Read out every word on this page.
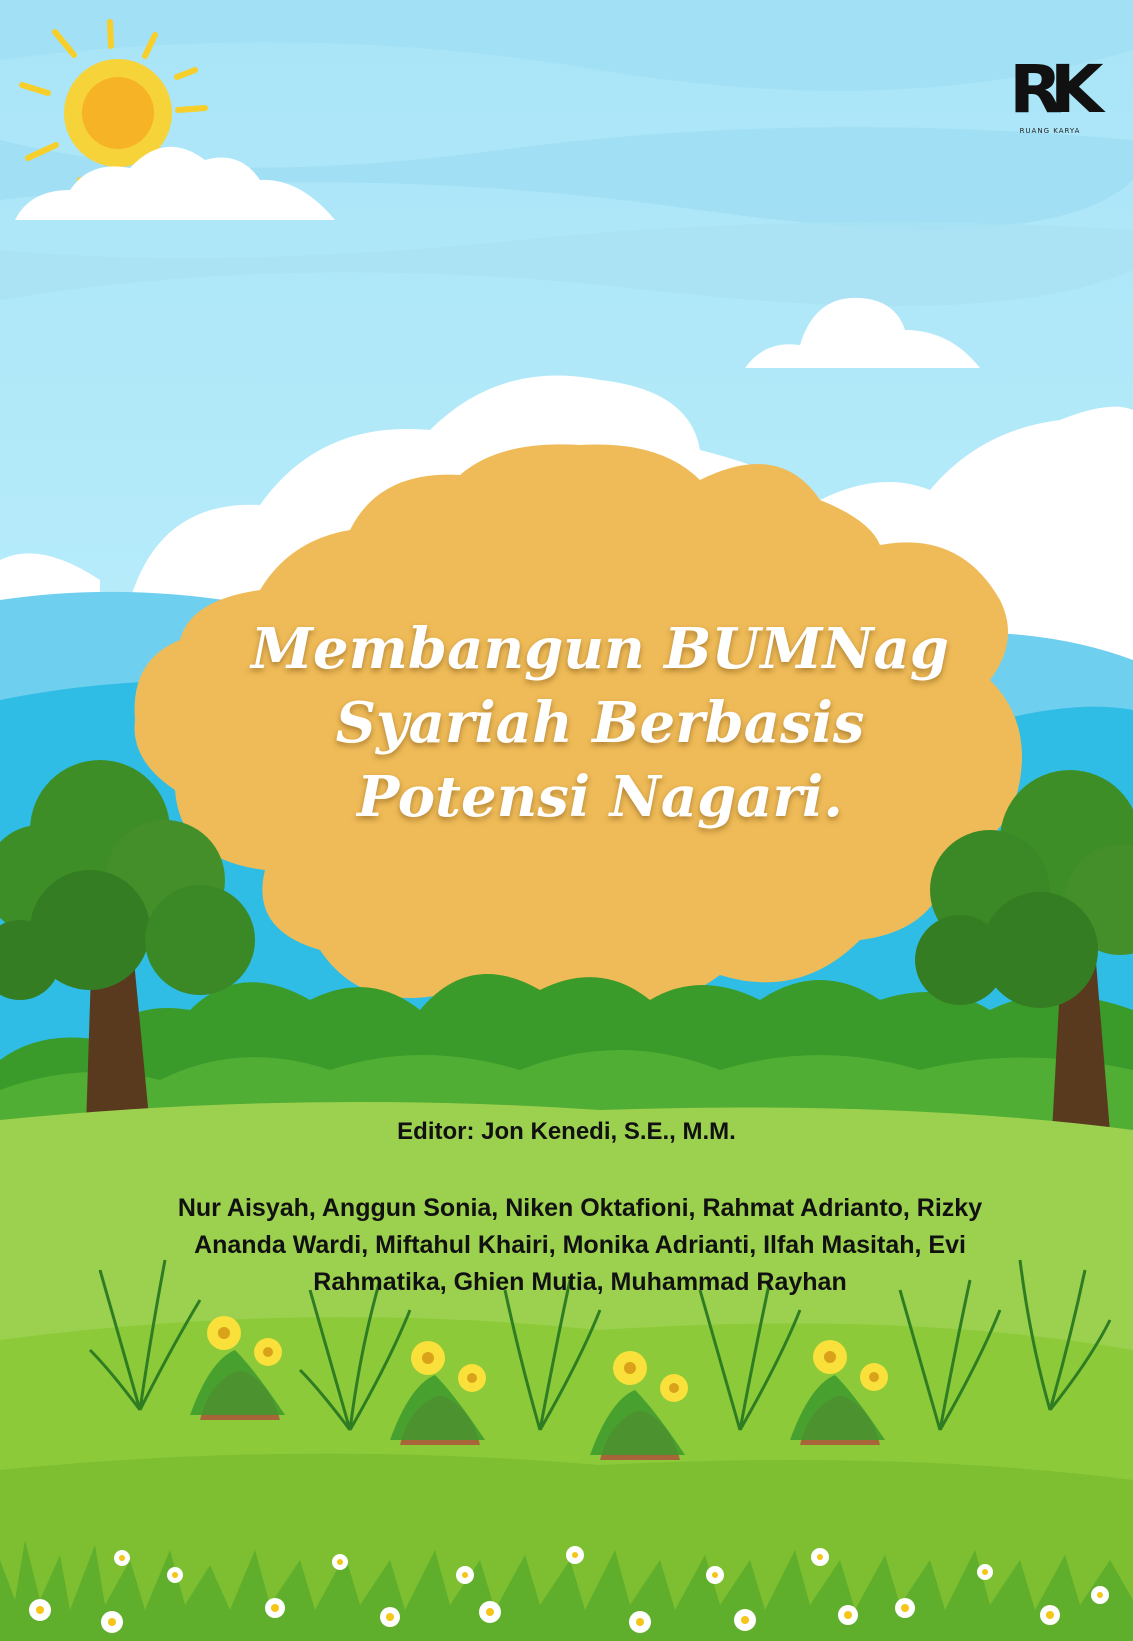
RK
RUANG KARYA
Membangun BUMNag
Syariah Berbasis
Potensi Nagari.
Editor: Jon Kenedi, S.E., M.M.

Nur Aisyah, Anggun Sonia, Niken Oktafioni, Rahmat Adrianto, Rizky Ananda Wardi, Miftahul Khairi, Monika Adrianti, Ilfah Masitah, Evi Rahmatika, Ghien Mutia, Muhammad Rayhan
